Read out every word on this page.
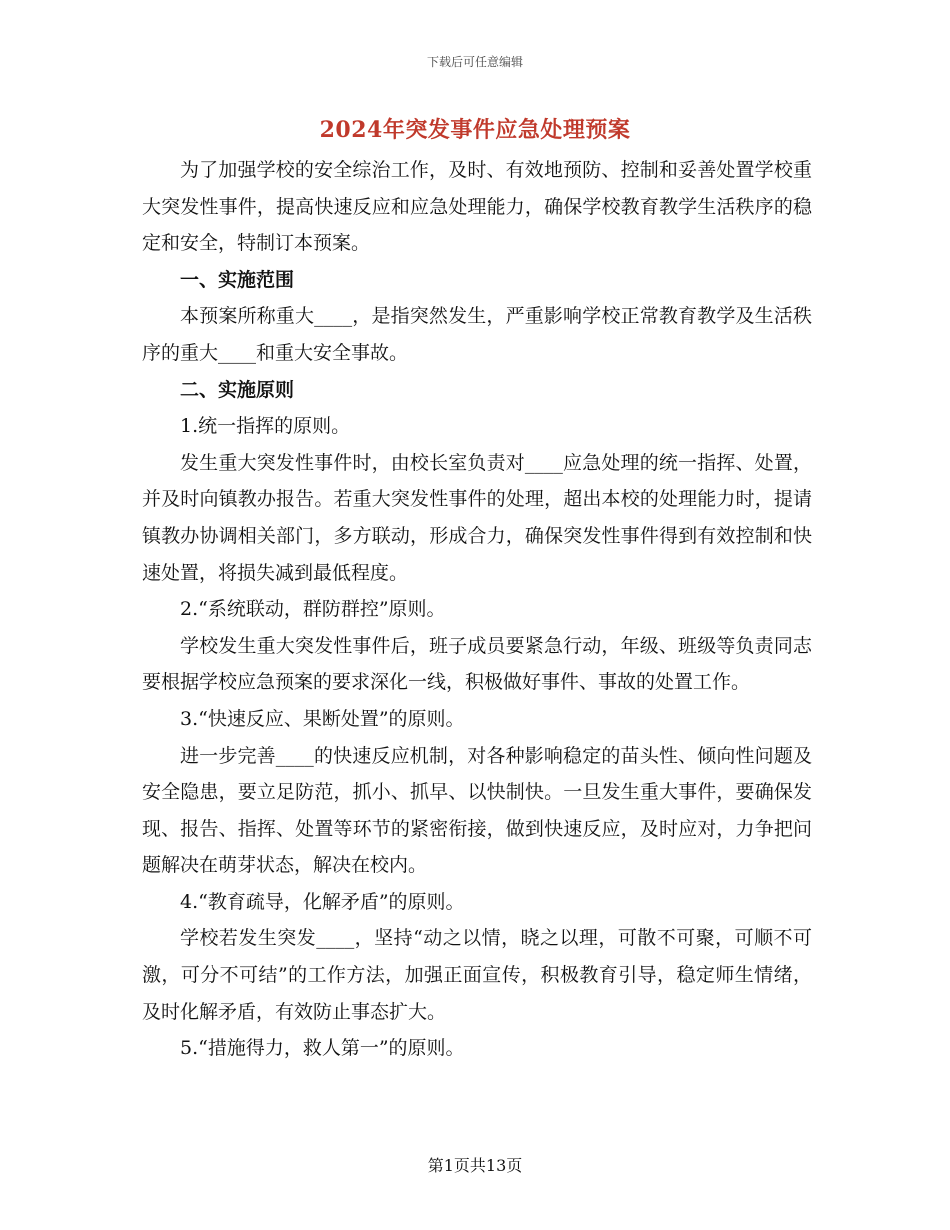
下载后可任意编辑
2024年突发事件应急处理预案

为了加强学校的安全综治工作，及时、有效地预防、控制和妥善处置学校重大突发性事件，提高快速反应和应急处理能力，确保学校教育教学生活秩序的稳定和安全，特制订本预案。

一、实施范围

本预案所称重大____，是指突然发生，严重影响学校正常教育教学及生活秩序的重大____和重大安全事故。

二、实施原则

1.统一指挥的原则。

发生重大突发性事件时，由校长室负责对____应急处理的统一指挥、处置，并及时向镇教办报告。若重大突发性事件的处理，超出本校的处理能力时，提请镇教办协调相关部门，多方联动，形成合力，确保突发性事件得到有效控制和快速处置，将损失减到最低程度。

2.“系统联动，群防群控”原则。

学校发生重大突发性事件后，班子成员要紧急行动，年级、班级等负责同志要根据学校应急预案的要求深化一线，积极做好事件、事故的处置工作。

3.“快速反应、果断处置”的原则。

进一步完善____的快速反应机制，对各种影响稳定的苗头性、倾向性问题及安全隐患，要立足防范，抓小、抓早、以快制快。一旦发生重大事件，要确保发现、报告、指挥、处置等环节的紧密衔接，做到快速反应，及时应对，力争把问题解决在萌芽状态，解决在校内。

4.“教育疏导，化解矛盾”的原则。

学校若发生突发____，坚持“动之以情，晓之以理，可散不可聚，可顺不可激，可分不可结”的工作方法，加强正面宣传，积极教育引导，稳定师生情绪，及时化解矛盾，有效防止事态扩大。

5.“措施得力，救人第一”的原则。

第1页共13页
